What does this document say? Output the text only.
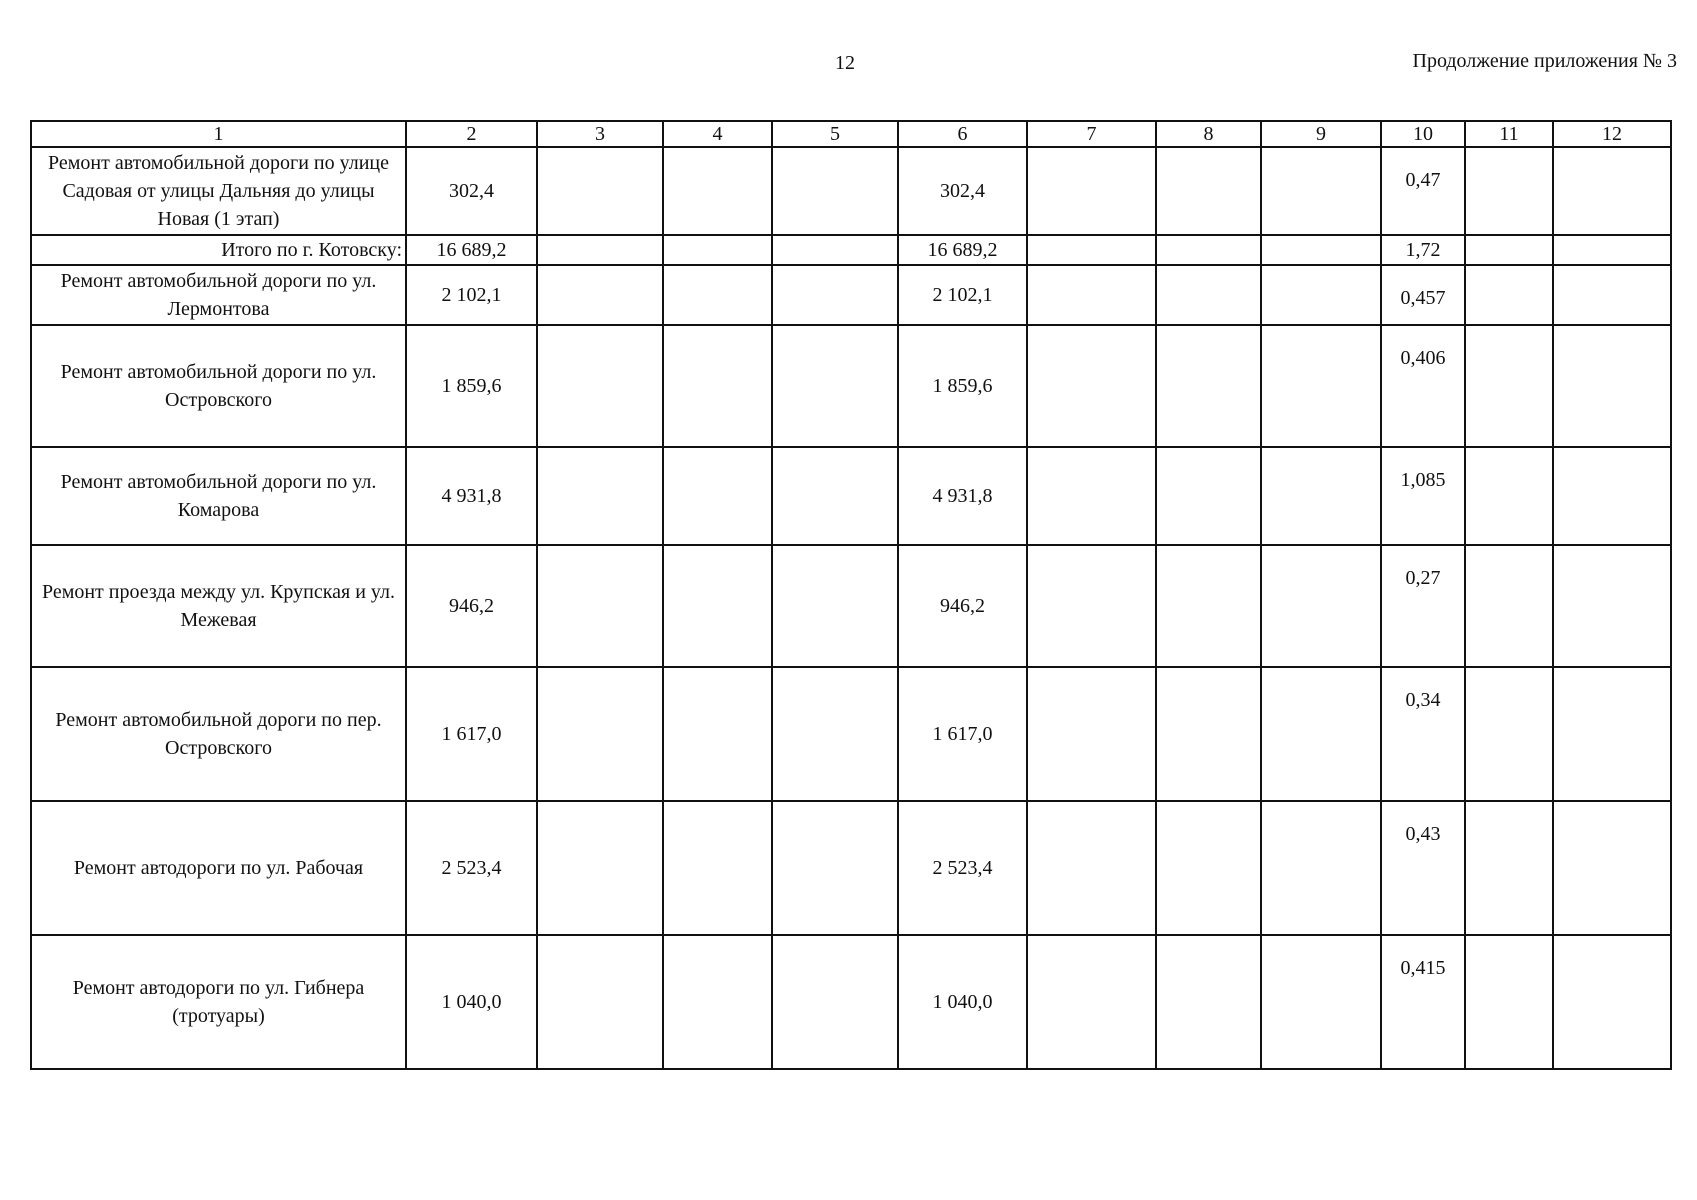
12	Продолжение приложения № 3
1	2	3	4	5	6	7	8	9	10	11	12
Ремонт автомобильной дороги по улице Садовая от улицы Дальняя до улицы Новая (1 этап)	302,4				302,4				0,47		
Итого по г. Котовску:	16 689,2				16 689,2				1,72		
Ремонт автомобильной дороги по ул. Лермонтова	2 102,1				2 102,1				0,457		
Ремонт автомобильной дороги по ул. Островского	1 859,6				1 859,6				0,406		
Ремонт автомобильной дороги по ул. Комарова	4 931,8				4 931,8				1,085		
Ремонт проезда между ул. Крупская и ул. Межевая	946,2				946,2				0,27		
Ремонт автомобильной дороги по пер. Островского	1 617,0				1 617,0				0,34		
Ремонт автодороги по ул. Рабочая	2 523,4				2 523,4				0,43		
Ремонт автодороги по ул. Гибнера (тротуары)	1 040,0				1 040,0				0,415		
